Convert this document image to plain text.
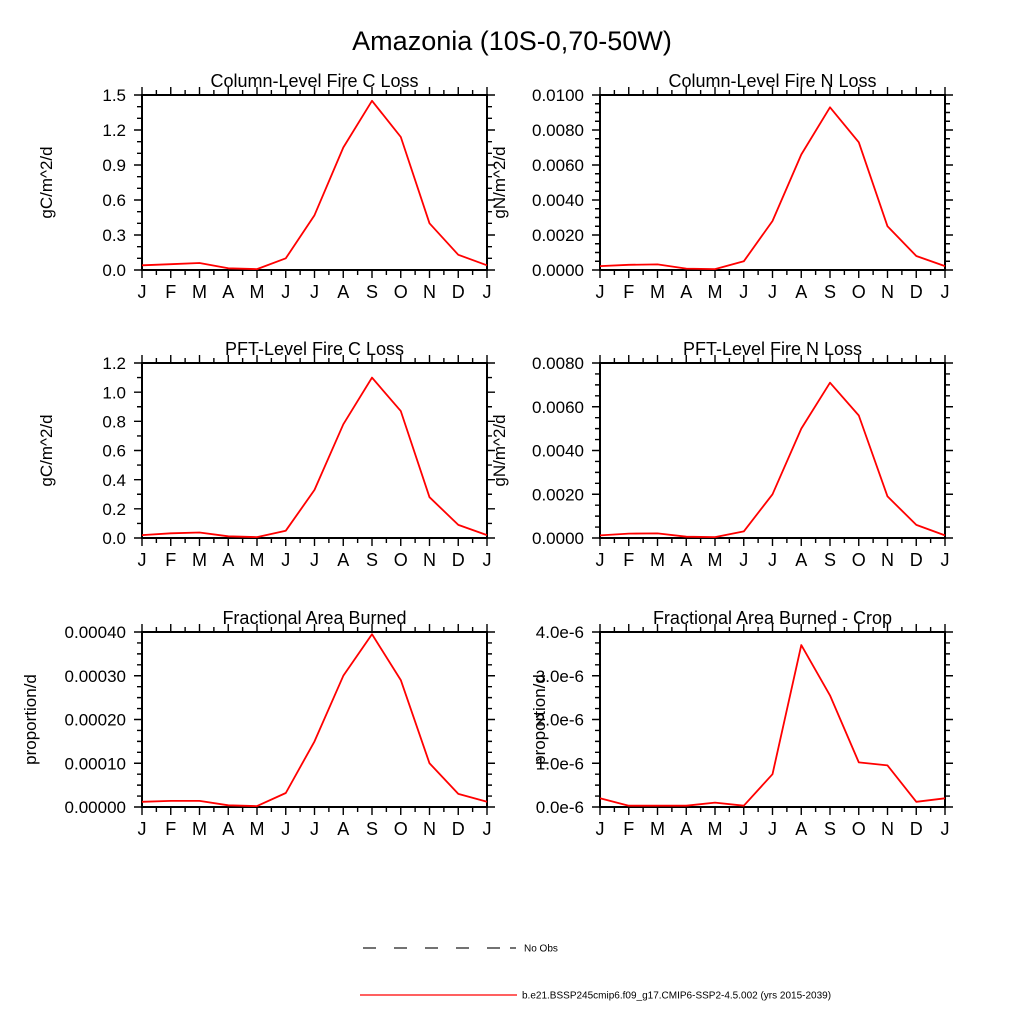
Amazonia (10S-0,70-50W)
0.0
0.3
0.6
0.9
1.2
1.5
J F M A M J J A S O N D J
gC/m^2/d
Column-Level Fire C Loss
0.0000
0.0020
0.0040
0.0060
0.0080
0.0100
J F M A M J J A S O N D J
gN/m^2/d
Column-Level Fire N Loss
0.0
0.2
0.4
0.6
0.8
1.0
1.2
J F M A M J J A S O N D J
gC/m^2/d
PFT-Level Fire C Loss
0.0000
0.0020
0.0040
0.0060
0.0080
J F M A M J J A S O N D J
gN/m^2/d
PFT-Level Fire N Loss
0.00000
0.00010
0.00020
0.00030
0.00040
J F M A M J J A S O N D J
proportion/d
Fractional Area Burned
0.0e-6
1.0e-6
2.0e-6
3.0e-6
4.0e-6
J F M A M J J A S O N D J
proportion/d
Fractional Area Burned - Crop
No Obs
b.e21.BSSP245cmip6.f09_g17.CMIP6-SSP2-4.5.002 (yrs 2015-2039)
